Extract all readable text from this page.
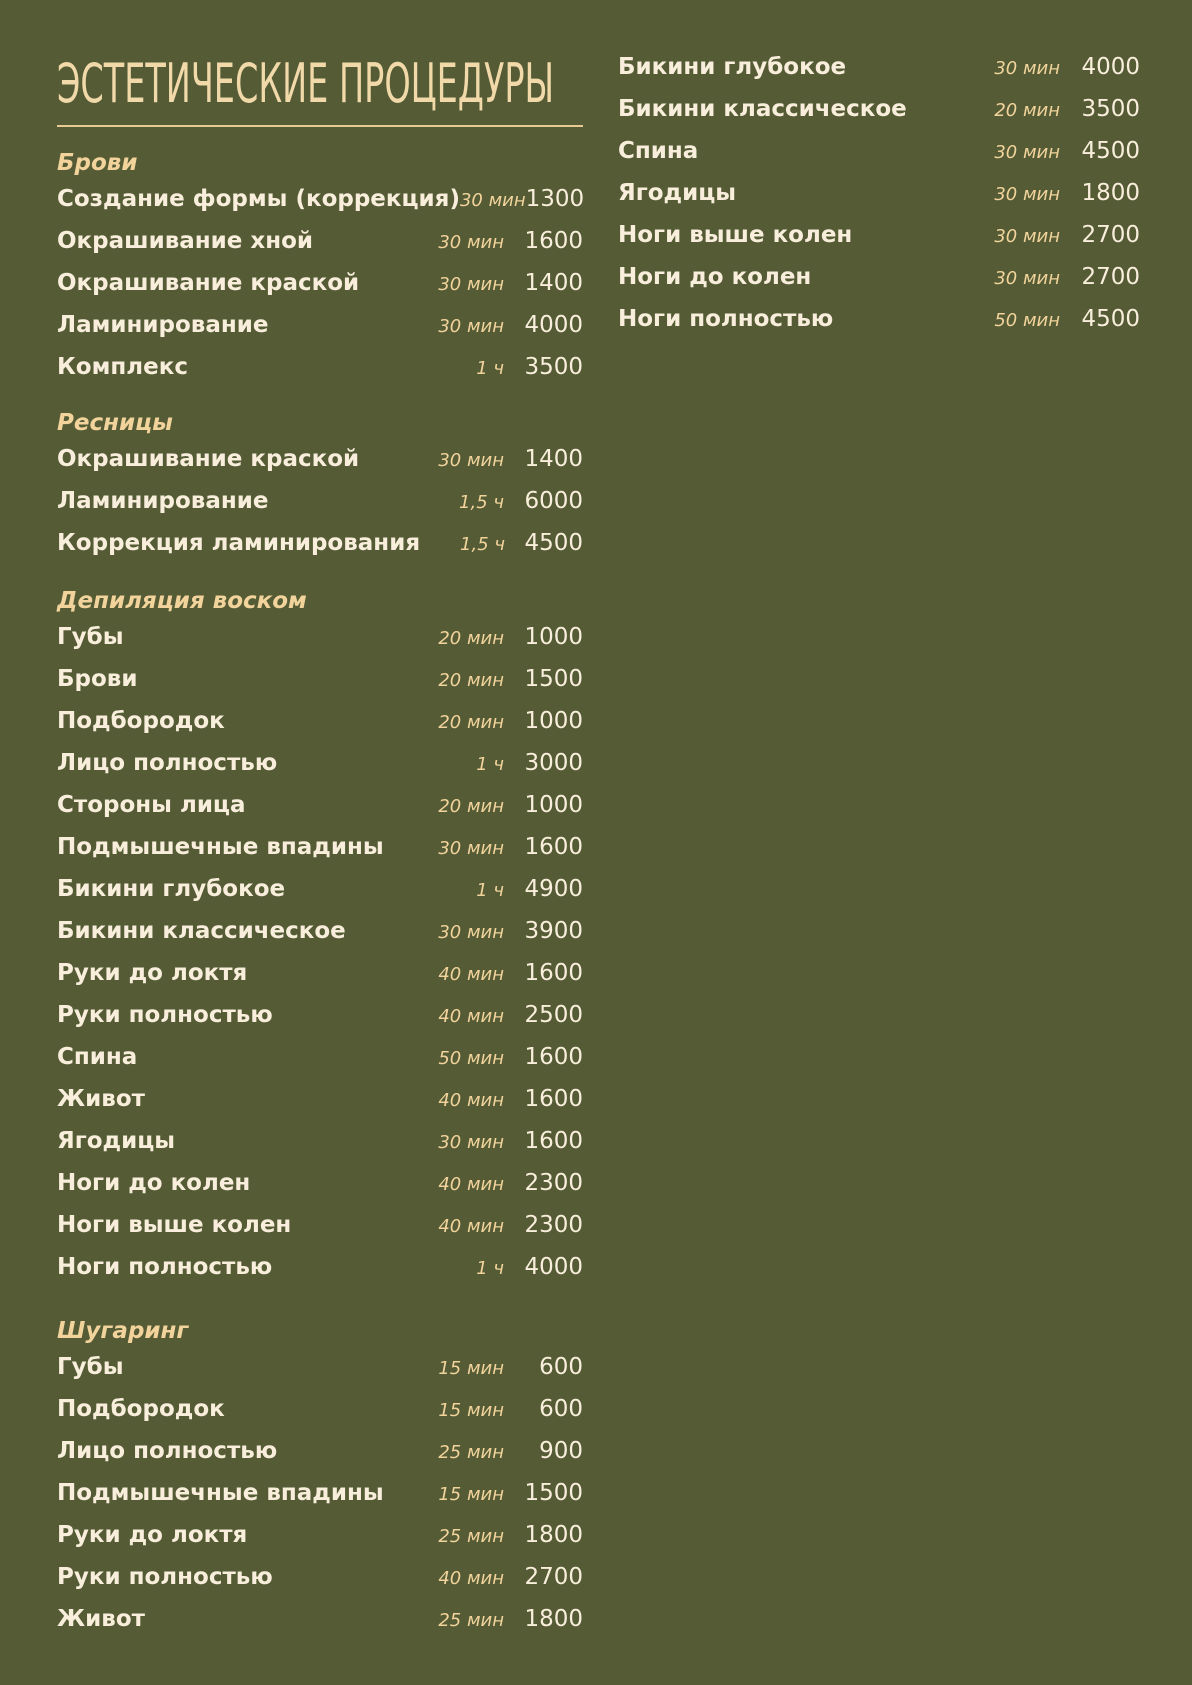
ЭСТЕТИЧЕСКИЕ ПРОЦЕДУРЫ
Брови
Создание формы (коррекция) 30 мин 1300
Окрашивание хной	30 мин 1600
Окрашивание краской	30 мин 1400
Ламинирование	30 мин 4000
Комплекс	1 ч 3500
Ресницы
Окрашивание краской	30 мин 1400
Ламинирование	1,5 ч 6000
Коррекция ламинирования	1,5 ч 4500
Депиляция воском
Губы	20 мин 1000
Брови	20 мин 1500
Подбородок	20 мин 1000
Лицо полностью	1 ч 3000
Стороны лица	20 мин 1000
Подмышечные впадины	30 мин 1600
Бикини глубокое	1 ч 4900
Бикини классическое	30 мин 3900
Руки до локтя	40 мин 1600
Руки полностью	40 мин 2500
Спина	50 мин 1600
Живот	40 мин 1600
Ягодицы	30 мин 1600
Ноги до колен	40 мин 2300
Ноги выше колен	40 мин 2300
Ноги полностью	1 ч 4000
Шугаринг
Губы	15 мин	600
Подбородок	15 мин	600
Лицо полностью	25 мин	900
Подмышечные впадины	15 мин 1500
Руки до локтя	25 мин 1800
Руки полностью	40 мин 2700
Живот	25 мин 1800
Бикини глубокое	30 мин 4000
Бикини классическое	20 мин 3500
Спина	30 мин 4500
Ягодицы	30 мин 1800
Ноги выше колен	30 мин 2700
Ноги до колен	30 мин 2700
Ноги полностью	50 мин 4500
